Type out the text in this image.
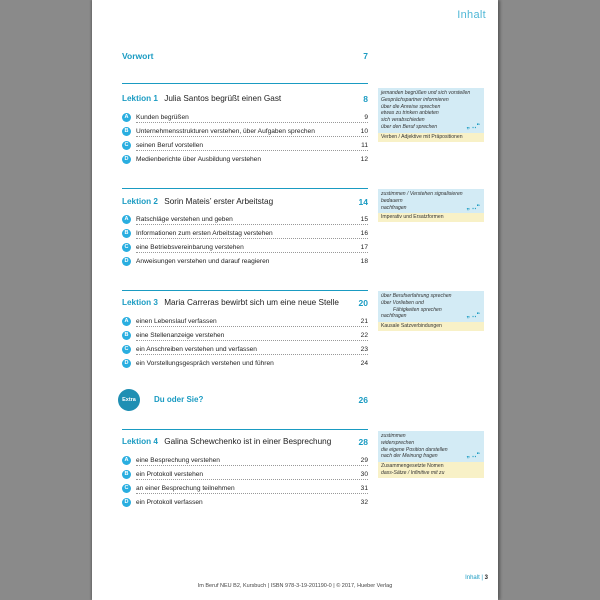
Inhalt
Vorwort	7
Lektion 1 Julia Santos begrüßt einen Gast	8
A	Kunden begrüßen	9
B	Unternehmensstrukturen verstehen, über Aufgaben sprechen	10
C	seinen Beruf vorstellen	11
D	Medienberichte über Ausbildung verstehen	12
jemanden begrüßen und sich vorstellen
Gesprächspartner informieren
über die Anreise sprechen
etwas zu trinken anbieten
sich verabschieden
über den Beruf sprechen	„ ‥“
Verben / Adjektive mit Präpositionen
Lektion 2 Sorin Mateis’ erster Arbeitstag	14
A	Ratschläge verstehen und geben	15
B	Informationen zum ersten Arbeitstag verstehen	16
C	eine Betriebsvereinbarung verstehen	17
D	Anweisungen verstehen und darauf reagieren	18
zustimmen / Verstehen signalisieren
bedauern
nachfragen	„ ‥“
Imperativ und Ersatzformen
Lektion 3 Maria Carreras bewirbt sich um eine neue Stelle	20
A	einen Lebenslauf verfassen	21
B	eine Stellenanzeige verstehen	22
C	ein Anschreiben verstehen und verfassen	23
D	ein Vorstellungsgespräch verstehen und führen	24
über Berufserfahrung sprechen
über Vorlieben und
Fähigkeiten sprechen
nachfragen	„ ‥“
Kausale Satzverbindungen
Extra	Du oder Sie?	26
Lektion 4 Galina Schewchenko ist in einer Besprechung	28
A	eine Besprechung verstehen	29
B	ein Protokoll verstehen	30
C	an einer Besprechung teilnehmen	31
D	ein Protokoll verfassen	32
zustimmen
widersprechen
die eigene Position darstellen
nach der Meinung fragen	„ ‥“
Zusammengesetzte Nomen
dass-Sätze / Infinitive mit zu
Inhalt | 3
Im Beruf NEU B2, Kursbuch | ISBN 978-3-19-201190-0 | © 2017, Hueber Verlag
